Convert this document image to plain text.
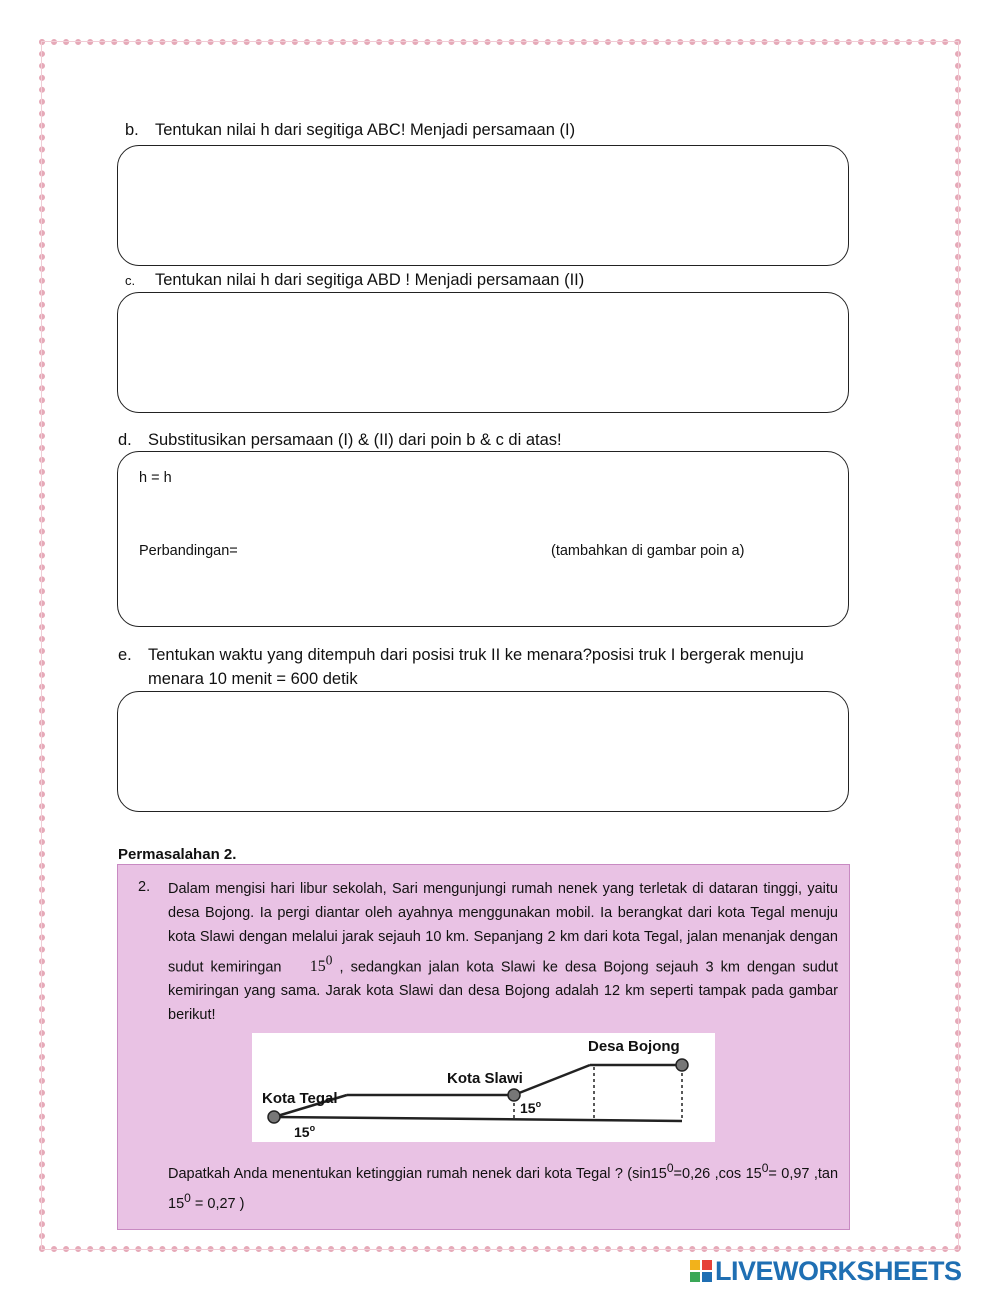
b. Tentukan nilai h dari segitiga ABC! Menjadi persamaan (I)
c. Tentukan nilai h dari segitiga ABD ! Menjadi persamaan (II)
d. Substitusikan persamaan (I) & (II) dari poin b & c di atas!
h = h
Perbandingan=	(tambahkan di gambar poin a)
e. Tentukan waktu yang ditempuh dari posisi truk II ke menara?posisi truk I bergerak menuju
menara 10 menit = 600 detik
Permasalahan 2.
2. Dalam mengisi hari libur sekolah, Sari mengunjungi rumah nenek yang terletak di dataran tinggi, yaitu desa Bojong. Ia pergi diantar oleh ayahnya menggunakan mobil. Ia berangkat dari kota Tegal menuju kota Slawi dengan melalui jarak sejauh 10 km. Sepanjang 2 km dari kota Tegal, jalan menanjak dengan sudut kemiringan $15^0$ , sedangkan jalan kota Slawi ke desa Bojong sejauh 3 km dengan sudut kemiringan yang sama. Jarak kota Slawi dan desa Bojong adalah 12 km seperti tampak pada gambar berikut!
Kota Tegal
Kota Slawi
Desa Bojong
15$^o$
15$^o$
Dapatkah Anda menentukan ketinggian rumah nenek dari kota Tegal ? ($\sin 15^0=0,26$ ,cos $15^0= 0,97$ ,tan $15^0 = 0,27$ )
LIVEWORKSHEETS
